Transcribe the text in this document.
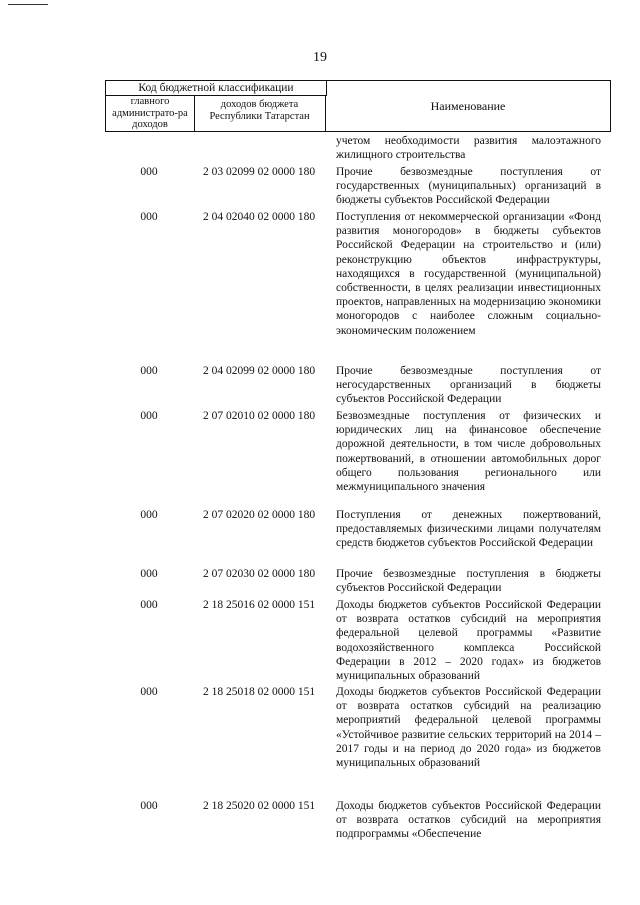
19
Код бюджетной классификации
главного администрато-ра доходов
доходов бюджета Республики Татарстан
Наименование
учетом необходимости развития малоэтажного жилищного строительства
000	2 03 02099 02 0000 180	Прочие безвозмездные поступления от государственных (муниципальных) организаций в бюджеты субъектов Российской Федерации
000	2 04 02040 02 0000 180	Поступления от некоммерческой организации «Фонд развития моногородов» в бюджеты субъектов Российской Федерации на строительство и (или) реконструкцию объектов инфраструктуры, находящихся в государственной (муниципальной) собственности, в целях реализации инвестиционных проектов, направленных на модернизацию экономики моногородов с наиболее сложным социально-экономическим положением
000	2 04 02099 02 0000 180	Прочие безвозмездные поступления от негосударственных организаций в бюджеты субъектов Российской Федерации
000	2 07 02010 02 0000 180	Безвозмездные поступления от физических и юридических лиц на финансовое обеспечение дорожной деятельности, в том числе добровольных пожертвований, в отношении автомобильных дорог общего пользования регионального или межмуниципального значения
000	2 07 02020 02 0000 180	Поступления от денежных пожертвований, предоставляемых физическими лицами получателям средств бюджетов субъектов Российской Федерации
000	2 07 02030 02 0000 180	Прочие безвозмездные поступления в бюджеты субъектов Российской Федерации
000	2 18 25016 02 0000 151	Доходы бюджетов субъектов Российской Федерации от возврата остатков субсидий на мероприятия федеральной целевой программы «Развитие водохозяйственного комплекса Российской Федерации в 2012 – 2020 годах» из бюджетов муниципальных образований
000	2 18 25018 02 0000 151	Доходы бюджетов субъектов Российской Федерации от возврата остатков субсидий на реализацию мероприятий федеральной целевой программы «Устойчивое развитие сельских территорий на 2014 – 2017 годы и на период до 2020 года» из бюджетов муниципальных образований
000	2 18 25020 02 0000 151	Доходы бюджетов субъектов Российской Федерации от возврата остатков субсидий на мероприятия подпрограммы «Обеспечение
